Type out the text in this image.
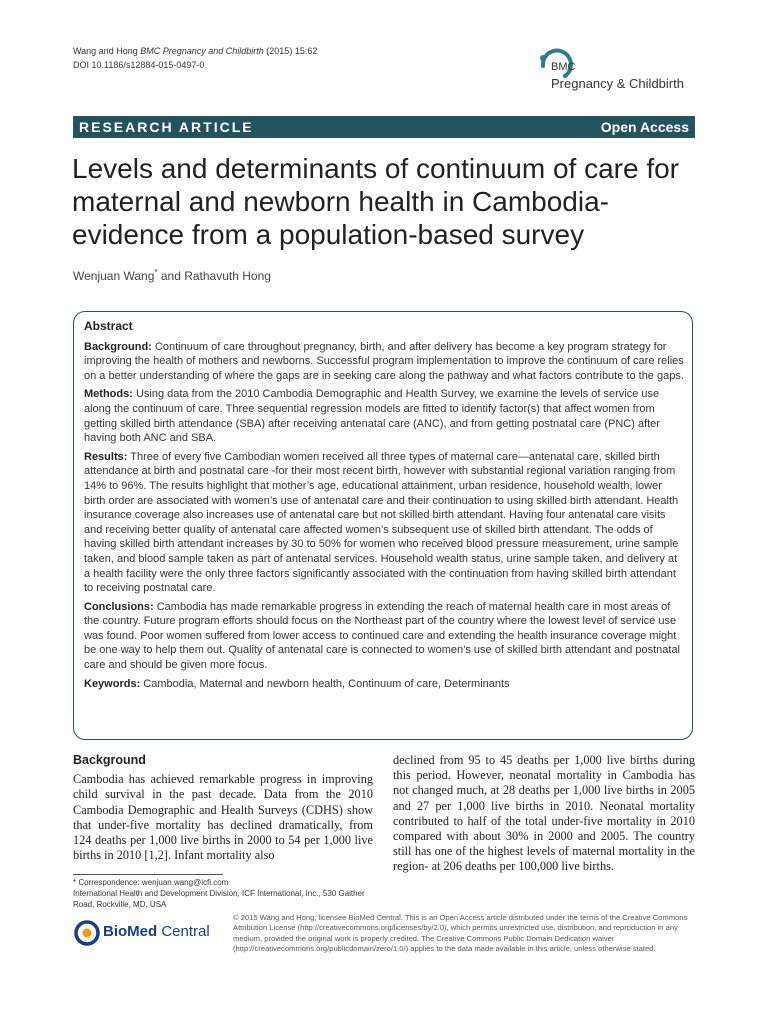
Wang and Hong BMC Pregnancy and Childbirth (2015) 15:62
DOI 10.1186/s12884-015-0497-0	BMC
Pregnancy & Childbirth
RESEARCH ARTICLE	Open Access
Levels and determinants of continuum of care for maternal and newborn health in Cambodia-evidence from a population-based survey
Wenjuan Wang* and Rathavuth Hong
Abstract

Background: Continuum of care throughout pregnancy, birth, and after delivery has become a key program strategy for improving the health of mothers and newborns. Successful program implementation to improve the continuum of care relies on a better understanding of where the gaps are in seeking care along the pathway and what factors contribute to the gaps.

Methods: Using data from the 2010 Cambodia Demographic and Health Survey, we examine the levels of service use along the continuum of care. Three sequential regression models are fitted to identify factor(s) that affect women from getting skilled birth attendance (SBA) after receiving antenatal care (ANC), and from getting postnatal care (PNC) after having both ANC and SBA.

Results: Three of every five Cambodian women received all three types of maternal care—antenatal care, skilled birth attendance at birth and postnatal care -for their most recent birth, however with substantial regional variation ranging from 14% to 96%. The results highlight that mother’s age, educational attainment, urban residence, household wealth, lower birth order are associated with women’s use of antenatal care and their continuation to using skilled birth attendant. Health insurance coverage also increases use of antenatal care but not skilled birth attendant. Having four antenatal care visits and receiving better quality of antenatal care affected women’s subsequent use of skilled birth attendant. The odds of having skilled birth attendant increases by 30 to 50% for women who received blood pressure measurement, urine sample taken, and blood sample taken as part of antenatal services. Household wealth status, urine sample taken, and delivery at a health facility were the only three factors significantly associated with the continuation from having skilled birth attendant to receiving postnatal care.

Conclusions: Cambodia has made remarkable progress in extending the reach of maternal health care in most areas of the country. Future program efforts should focus on the Northeast part of the country where the lowest level of service use was found. Poor women suffered from lower access to continued care and extending the health insurance coverage might be one way to help them out. Quality of antenatal care is connected to women’s use of skilled birth attendant and postnatal care and should be given more focus.

Keywords: Cambodia, Maternal and newborn health, Continuum of care, Determinants

Background
Cambodia has achieved remarkable progress in improving child survival in the past decade. Data from the 2010 Cambodia Demographic and Health Surveys (CDHS) show that under-five mortality has declined dramatically, from 124 deaths per 1,000 live births in 2000 to 54 per 1,000 live births in 2010 [1,2]. Infant mortality also
declined from 95 to 45 deaths per 1,000 live births during this period. However, neonatal mortality in Cambodia has not changed much, at 28 deaths per 1,000 live births in 2005 and 27 per 1,000 live births in 2010. Neonatal mortality contributed to half of the total under-five mortality in 2010 compared with about 30% in 2000 and 2005. The country still has one of the highest levels of maternal mortality in the region- at 206 deaths per 100,000 live births.
* Correspondence: wenjuan.wang@icfi.com
International Health and Development Division, ICF International, Inc., 530 Gaither Road, Rockville, MD, USA
BioMed Central
© 2015 Wang and Hong; licensee BioMed Central. This is an Open Access article distributed under the terms of the Creative Commons Attribution License (http://creativecommons.org/licenses/by/2.0), which permits unrestricted use, distribution, and reproduction in any medium, provided the original work is properly credited. The Creative Commons Public Domain Dedication waiver (http://creativecommons.org/publicdomain/zero/1.0/) applies to the data made available in this article, unless otherwise stated.
